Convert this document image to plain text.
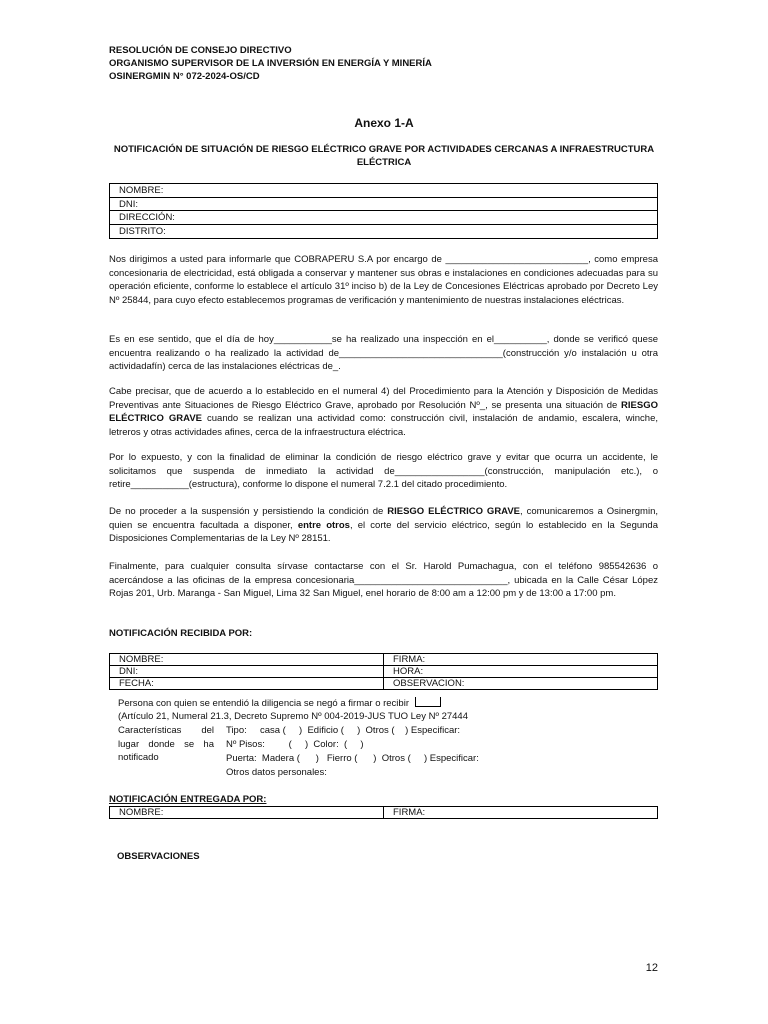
RESOLUCIÓN DE CONSEJO DIRECTIVO
ORGANISMO SUPERVISOR DE LA INVERSIÓN EN ENERGÍA Y MINERÍA
OSINERGMIN N° 072-2024-OS/CD
Anexo 1-A
NOTIFICACIÓN DE SITUACIÓN DE RIESGO ELÉCTRICO GRAVE POR ACTIVIDADES CERCANAS A INFRAESTRUCTURA ELÉCTRICA
NOMBRE:
DNI:
DIRECCIÓN:
DISTRITO:
Nos dirigimos a usted para informarle que COBRAPERU S.A por encargo de ___________________________, como empresa concesionaria de electricidad, está obligada a conservar y mantener sus obras e instalaciones en condiciones adecuadas para su operación eficiente, conforme lo establece el artículo 31º inciso b) de la Ley de Concesiones Eléctricas aprobado por Decreto Ley Nº 25844, para cuyo efecto establecemos programas de verificación y mantenimiento de nuestras instalaciones eléctricas.
Es en ese sentido, que el día de hoy___________se ha realizado una inspección en el__________, donde se verificó quese encuentra realizando o ha realizado la actividad de_______________________________(construcción y/o instalación u otra actividadafín) cerca de las instalaciones eléctricas de_.
Cabe precisar, que de acuerdo a lo establecido en el numeral 4) del Procedimiento para la Atención y Disposición de Medidas Preventivas ante Situaciones de Riesgo Eléctrico Grave, aprobado por Resolución Nº_, se presenta una situación de RIESGO ELÉCTRICO GRAVE cuando se realizan una actividad como: construcción civil, instalación de andamio, escalera, winche, letreros y otras actividades afines, cerca de la infraestructura eléctrica.
Por lo expuesto, y con la finalidad de eliminar la condición de riesgo eléctrico grave y evitar que ocurra un accidente, le solicitamos que suspenda de inmediato la actividad de_________________(construcción, manipulación etc.), o retire___________(estructura), conforme lo dispone el numeral 7.2.1 del citado procedimiento.
De no proceder a la suspensión y persistiendo la condición de RIESGO ELÉCTRICO GRAVE, comunicaremos a Osinergmin, quien se encuentra facultada a disponer, entre otros, el corte del servicio eléctrico, según lo establecido en la Segunda Disposiciones Complementarias de la Ley Nº 28151.
Finalmente, para cualquier consulta sírvase contactarse con el Sr. Harold Pumachagua, con el teléfono 985542636 o acercándose a las oficinas de la empresa concesionaria_____________________________, ubicada en la Calle César López Rojas 201, Urb. Maranga - San Miguel, Lima 32 San Miguel, enel horario de 8:00 am a 12:00 pm y de 13:00 a 17:00 pm.
NOTIFICACIÓN RECIBIDA POR:
NOMBRE:	FIRMA:
DNI:	HORA:
FECHA:	OBSERVACION:
Persona con quien se entendió la diligencia se negó a firmar o recibir
(Artículo 21, Numeral 21.3, Decreto Supremo Nº 004-2019-JUS TUO Ley Nº 27444
Características del lugar donde se ha notificado
Tipo:     casa (     )  Edificio (     )  Otros (    ) Especificar:
Nº Pisos:         (     )  Color:  (     )
Puerta:  Madera (      )   Fierro (      )  Otros (     ) Especificar:
Otros datos personales:
NOTIFICACIÓN ENTREGADA POR:
NOMBRE:	FIRMA:
OBSERVACIONES
12
